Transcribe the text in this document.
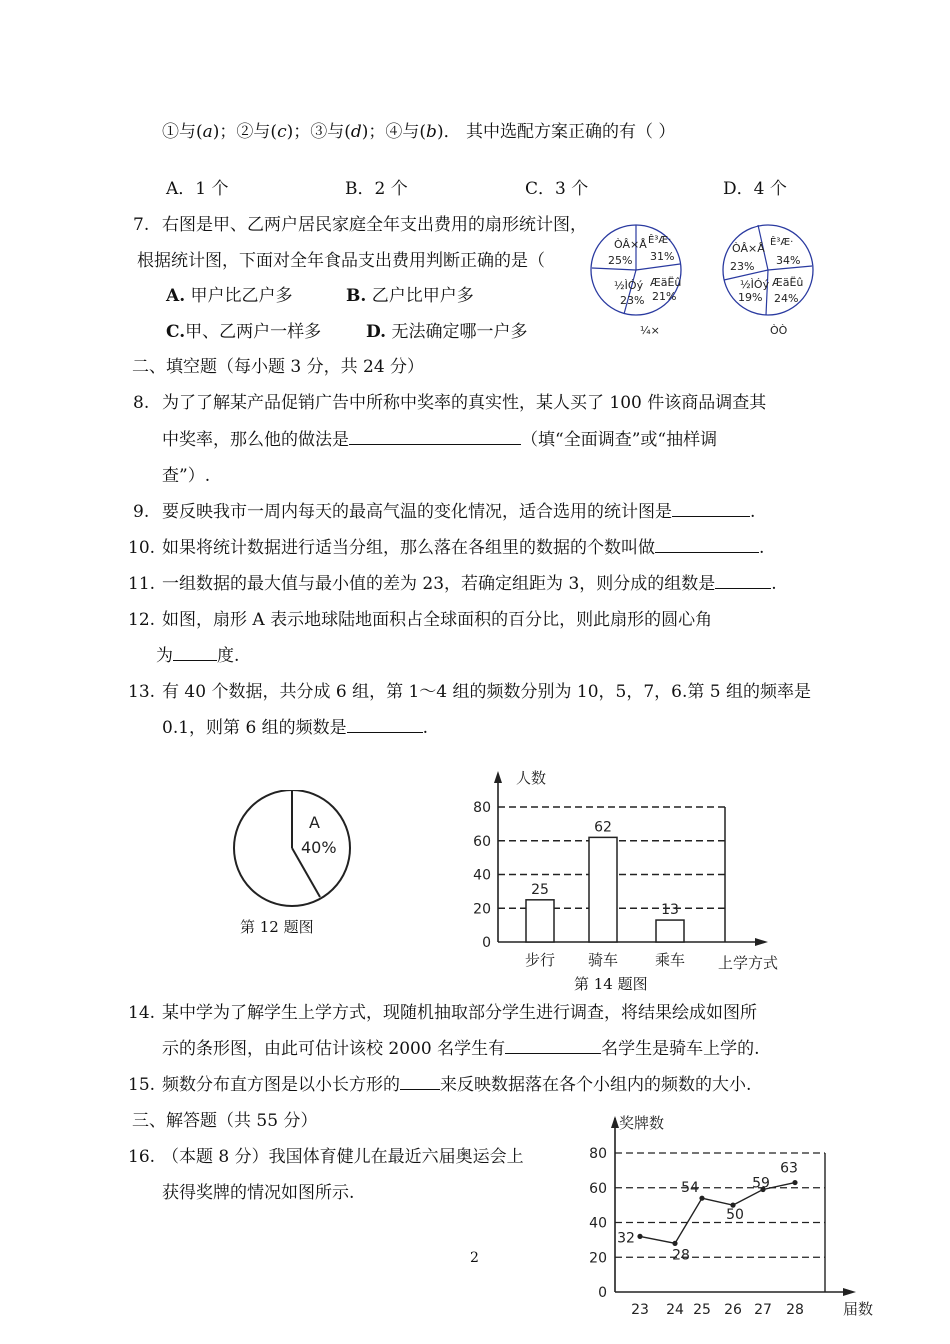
①与(a)；②与(c)；③与(d)；④与(b)． 其中选配方案正确的有（ ）
A．1 个	B．2 个	C．3 个	D．4 个
7. 右图是甲、乙两户居民家庭全年支出费用的扇形统计图，
根据统计图，下面对全年食品支出费用判断正确的是（
A. 甲户比乙户多	B. 乙户比甲户多
C.甲、乙两户一样多	D. 无法确定哪一户多
ÒÂ×Å
25%
Ê³Æ·
31%
ÆäËû
21%
½ÌÓý
23%
¼×
ÒÂ×Å
23%
Ê³Æ·
34%
ÆäËû
24%
½ÌÓý
19%
ÒÒ
二、填空题（每小题 3 分，共 24 分）
8. 为了了解某产品促销广告中所称中奖率的真实性，某人买了 100 件该商品调查其
中奖率，那么他的做法是	（填“全面调查”或“抽样调
查”）.
9. 要反映我市一周内每天的最高气温的变化情况，适合选用的统计图是	.
10. 如果将统计数据进行适当分组，那么落在各组里的数据的个数叫做	.
11. 一组数据的最大值与最小值的差为 23，若确定组距为 3，则分成的组数是	.
12. 如图，扇形 A 表示地球陆地面积占全球面积的百分比，则此扇形的圆心角
为	度.
13. 有 40 个数据，共分成 6 组，第 1～4 组的频数分别为 10，5，7，6.第 5 组的频率是
0.1，则第 6 组的频数是	.
A
40%
第 12 题图
0
20
40
60
80
人数
上学方式
25
步行
62
骑车
13
乘车
第 14 题图
14. 某中学为了解学生上学方式，现随机抽取部分学生进行调查，将结果绘成如图所
示的条形图，由此可估计该校 2000 名学生有	名学生是骑车上学的.
15. 频数分布直方图是以小长方形的 来反映数据落在各个小组内的频数的大小.
三、解答题（共 55 分）
16. （本题 8 分）我国体育健儿在最近六届奥运会上
获得奖牌的情况如图所示.
0
20
40
60
80
奖牌数
届数
32
23
28
24
54
25
50
26
59
27
63
28
2
